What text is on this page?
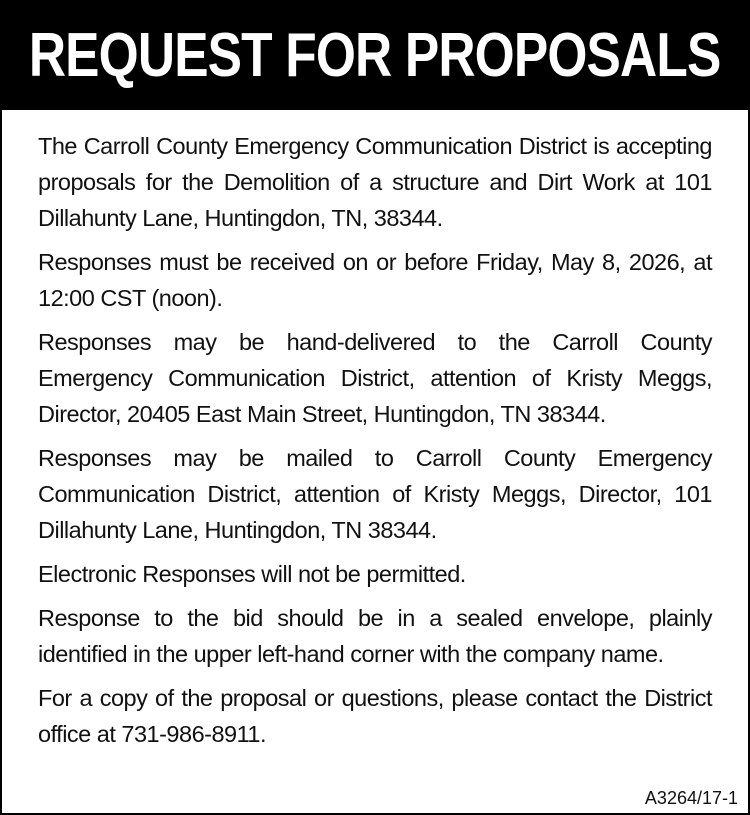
REQUEST FOR PROPOSALS

The Carroll County Emergency Communication District is accepting proposals for the Demolition of a structure and Dirt Work at 101 Dillahunty Lane, Huntingdon, TN, 38344.

Responses must be received on or before Friday, May 8, 2026, at 12:00 CST (noon).

Responses may be hand-delivered to the Carroll County Emergency Communication District, attention of Kristy Meggs, Director, 20405 East Main Street, Huntingdon, TN 38344.

Responses may be mailed to Carroll County Emergency Communication District, attention of Kristy Meggs, Director, 101 Dillahunty Lane, Huntingdon, TN 38344.

Electronic Responses will not be permitted.

Response to the bid should be in a sealed envelope, plainly identified in the upper left-hand corner with the company name.

For a copy of the proposal or questions, please contact the District office at 731-986-8911.

A3264/17-1
